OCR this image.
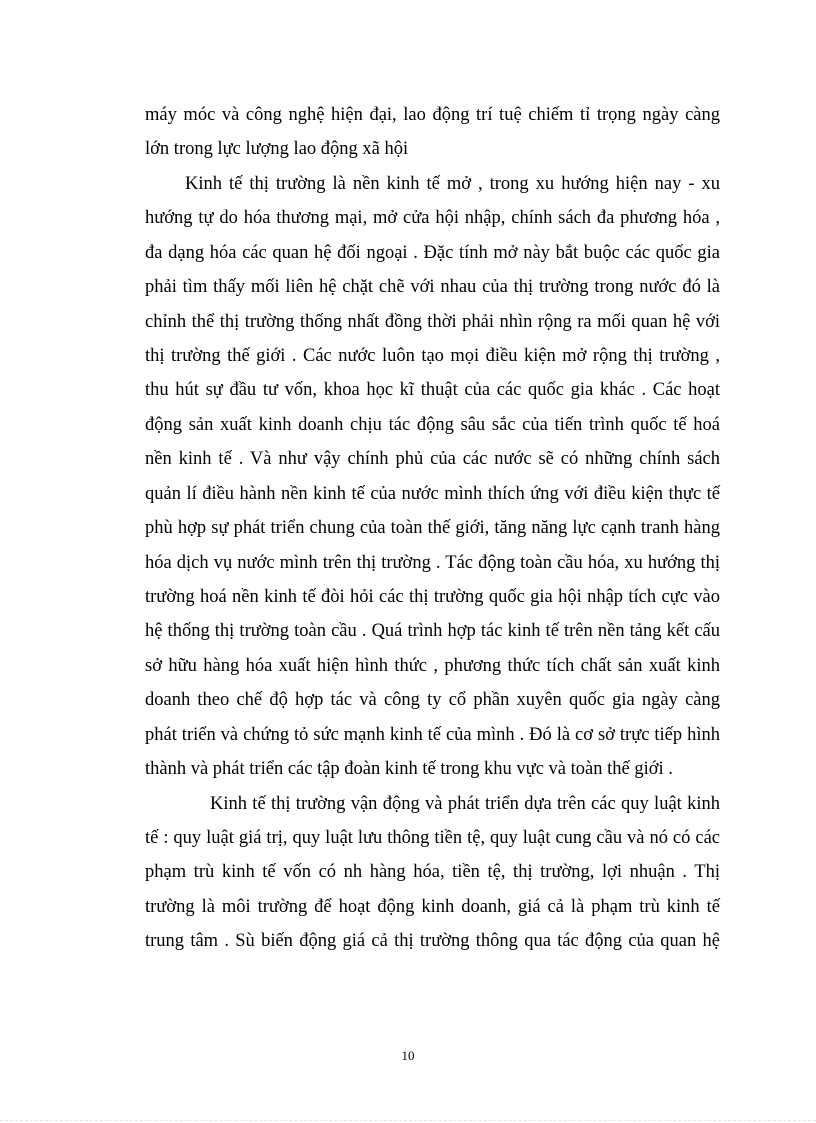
máy móc và công nghệ hiện đại, lao động trí tuệ chiếm tỉ trọng ngày càng
lớn trong lực lượng lao động xã hội
Kinh tế thị trường là nền kinh tế mở , trong xu hướng hiện nay - xu
hướng tự do hóa thương mại, mở cửa hội nhập, chính sách đa phương hóa ,
đa dạng hóa các quan hệ đối ngoại . Đặc tính mở này bắt buộc các quốc gia
phải tìm thấy mối liên hệ chặt chẽ với nhau của thị trường trong nước đó là
chỉnh thể thị trường thống nhất đồng thời phải nhìn rộng ra mối quan hệ với
thị trường thế giới . Các nước luôn tạo mọi điều kiện mở rộng thị trường ,
thu hút sự đầu tư vốn, khoa học kĩ thuật của các quốc gia khác . Các hoạt
động sản xuất kinh doanh chịu tác động sâu sắc của tiến trình quốc tế hoá
nền kinh tế . Và như vậy chính phủ của các nước sẽ có những chính sách
quản lí điều hành nền kinh tế của nước mình thích ứng với điều kiện thực tế
phù hợp sự phát triển chung của toàn thế giới, tăng năng lực cạnh tranh hàng
hóa dịch vụ nước mình trên thị trường . Tác động toàn cầu hóa, xu hướng thị
trường hoá nền kinh tế đòi hỏi các thị trường quốc gia hội nhập tích cực vào
hệ thống thị trường toàn cầu . Quá trình hợp tác kinh tế trên nền tảng kết cấu
sở hữu hàng hóa xuất hiện hình thức , phương thức tích chất sản xuất kinh
doanh theo chế độ hợp tác và công ty cổ phần xuyên quốc gia ngày càng
phát triển và chứng tỏ sức mạnh kinh tế của mình . Đó là cơ sở trực tiếp hình
thành và phát triển các tập đoàn kinh tế trong khu vực và toàn thế giới .
Kinh tế thị trường vận động và phát triển dựa trên các quy luật kinh
tế : quy luật giá trị, quy luật lưu thông tiền tệ, quy luật cung cầu và nó có các
phạm trù kinh tế vốn có nh hàng hóa, tiền tệ, thị trường, lợi nhuận . Thị
trường là môi trường để hoạt động kinh doanh, giá cả là phạm trù kinh tế
trung tâm . Sù biến động giá cả thị trường thông qua tác động của quan hệ
10
